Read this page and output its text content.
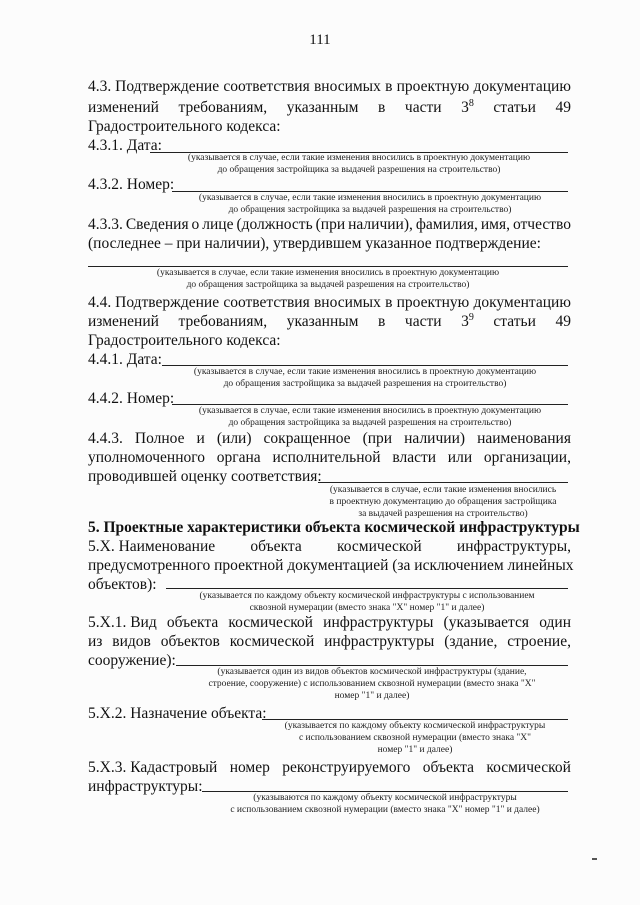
111
4.3. Подтверждение соответствия вносимых в проектную документацию
изменений требованиям, указанным в части $3^8$ статьи 49
Градостроительного кодекса:
4.3.1. Дата:
(указывается в случае, если такие изменения вносились в проектную документацию
до обращения застройщика за выдачей разрешения на строительство)
4.3.2. Номер:
(указывается в случае, если такие изменения вносились в проектную документацию
до обращения застройщика за выдачей разрешения на строительство)
4.3.3. Сведения о лице (должность (при наличии), фамилия, имя, отчество
(последнее – при наличии), утвердившем указанное подтверждение:
(указывается в случае, если такие изменения вносились в проектную документацию
до обращения застройщика за выдачей разрешения на строительство)
4.4. Подтверждение соответствия вносимых в проектную документацию
изменений требованиям, указанным в части $3^9$ статьи 49
Градостроительного кодекса:
4.4.1. Дата:
(указывается в случае, если такие изменения вносились в проектную документацию
до обращения застройщика за выдачей разрешения на строительство)
4.4.2. Номер:
(указывается в случае, если такие изменения вносились в проектную документацию
до обращения застройщика за выдачей разрешения на строительство)
4.4.3. Полное и (или) сокращенное (при наличии) наименования
уполномоченного органа исполнительной власти или организации,
проводившей оценку соответствия:
(указывается в случае, если такие изменения вносились
в проектную документацию до обращения застройщика
за выдачей разрешения на строительство)
5. Проектные характеристики объекта космической инфраструктуры
5.Х. Наименование объекта космической инфраструктуры,
предусмотренного проектной документацией (за исключением линейных
объектов):
(указывается по каждому объекту космической инфраструктуры с использованием
сквозной нумерации (вместо знака "Х" номер "1" и далее)
5.Х.1. Вид объекта космической инфраструктуры (указывается один
из видов объектов космической инфраструктуры (здание, строение,
сооружение):
(указывается один из видов объектов космической инфраструктуры (здание,
строение, сооружение) с использованием сквозной нумерации (вместо знака "Х"
номер "1" и далее)
5.Х.2. Назначение объекта:
(указывается по каждому объекту космической инфраструктуры
с использованием сквозной нумерации (вместо знака "Х"
номер "1" и далее)
5.Х.3. Кадастровый номер реконструируемого объекта космической
инфраструктуры:
(указываются по каждому объекту космической инфраструктуры
с использованием сквозной нумерации (вместо знака "Х" номер "1" и далее)
